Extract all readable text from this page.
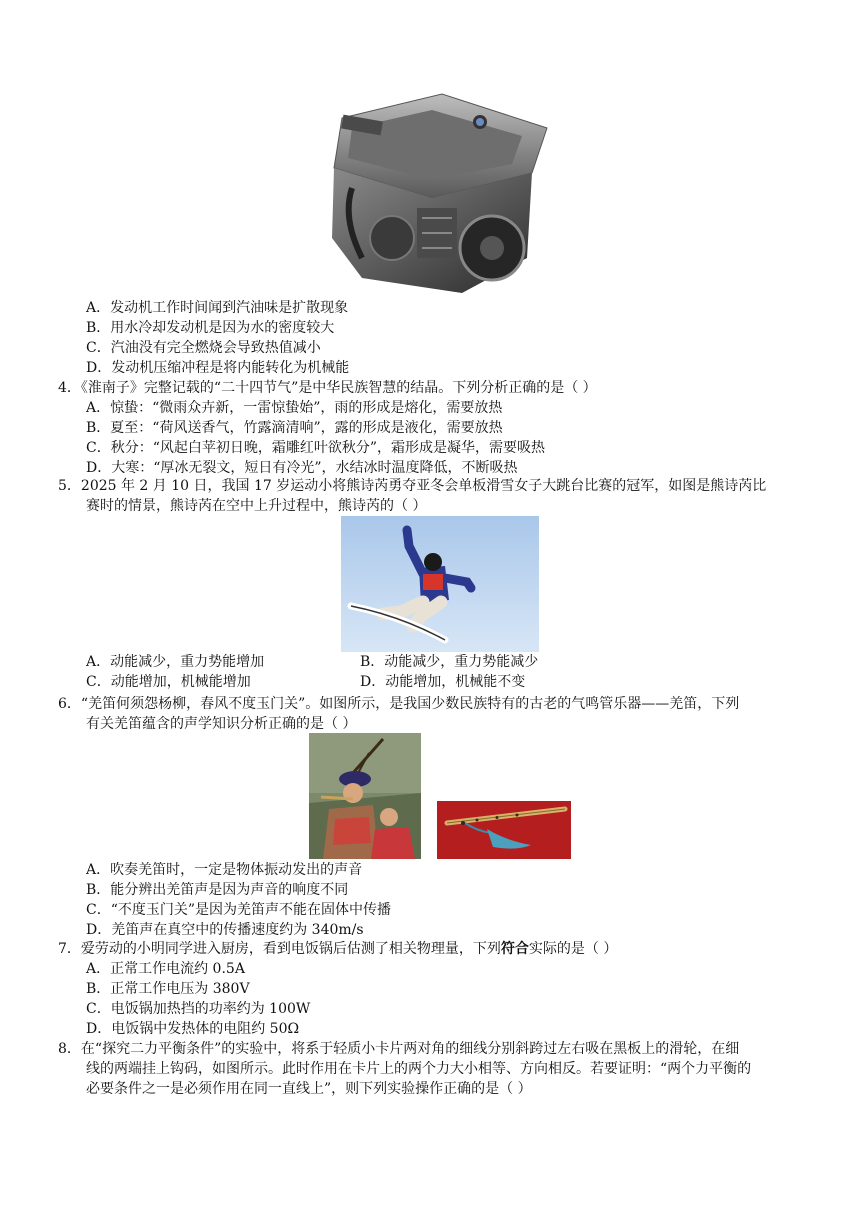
A．发动机工作时间闻到汽油味是扩散现象
B．用水冷却发动机是因为水的密度较大
C．汽油没有完全燃烧会导致热值减小
D．发动机压缩冲程是将内能转化为机械能
4．《淮南子》完整记载的“二十四节气”是中华民族智慧的结晶。下列分析正确的是（ ）
A．惊蛰：“微雨众卉新，一雷惊蛰始”，雨的形成是熔化，需要放热
B．夏至：“荷风送香气，竹露滴清响”，露的形成是液化，需要放热
C．秋分：“风起白苹初日晚，霜雕红叶欲秋分”，霜形成是凝华，需要吸热
D．大寒：“厚冰无裂文，短日有冷光”，水结冰时温度降低，不断吸热
5．2025 年 2 月 10 日，我国 17 岁运动小将熊诗芮勇夺亚冬会单板滑雪女子大跳台比赛的冠军，如图是熊诗芮比
赛时的情景，熊诗芮在空中上升过程中，熊诗芮的（ ）
A．动能减少，重力势能增加	B．动能减少，重力势能减少
C．动能增加，机械能增加	D．动能增加，机械能不变
6．“羌笛何须怨杨柳，春风不度玉门关”。如图所示，是我国少数民族特有的古老的气鸣管乐器——羌笛，下列
有关羌笛蕴含的声学知识分析正确的是（ ）
A．吹奏羌笛时，一定是物体振动发出的声音
B．能分辨出羌笛声是因为声音的响度不同
C．“不度玉门关”是因为羌笛声不能在固体中传播
D．羌笛声在真空中的传播速度约为 340m/s
7．爱劳动的小明同学进入厨房，看到电饭锅后估测了相关物理量，下列符合实际的是（ ）
A．正常工作电流约 0.5A
B．正常工作电压为 380V
C．电饭锅加热挡的功率约为 100W
D．电饭锅中发热体的电阻约 50Ω
8．在“探究二力平衡条件”的实验中，将系于轻质小卡片两对角的细线分别斜跨过左右吸在黑板上的滑轮，在细
线的两端挂上钩码，如图所示。此时作用在卡片上的两个力大小相等、方向相反。若要证明：“两个力平衡的
必要条件之一是必须作用在同一直线上”，则下列实验操作正确的是（ ）
